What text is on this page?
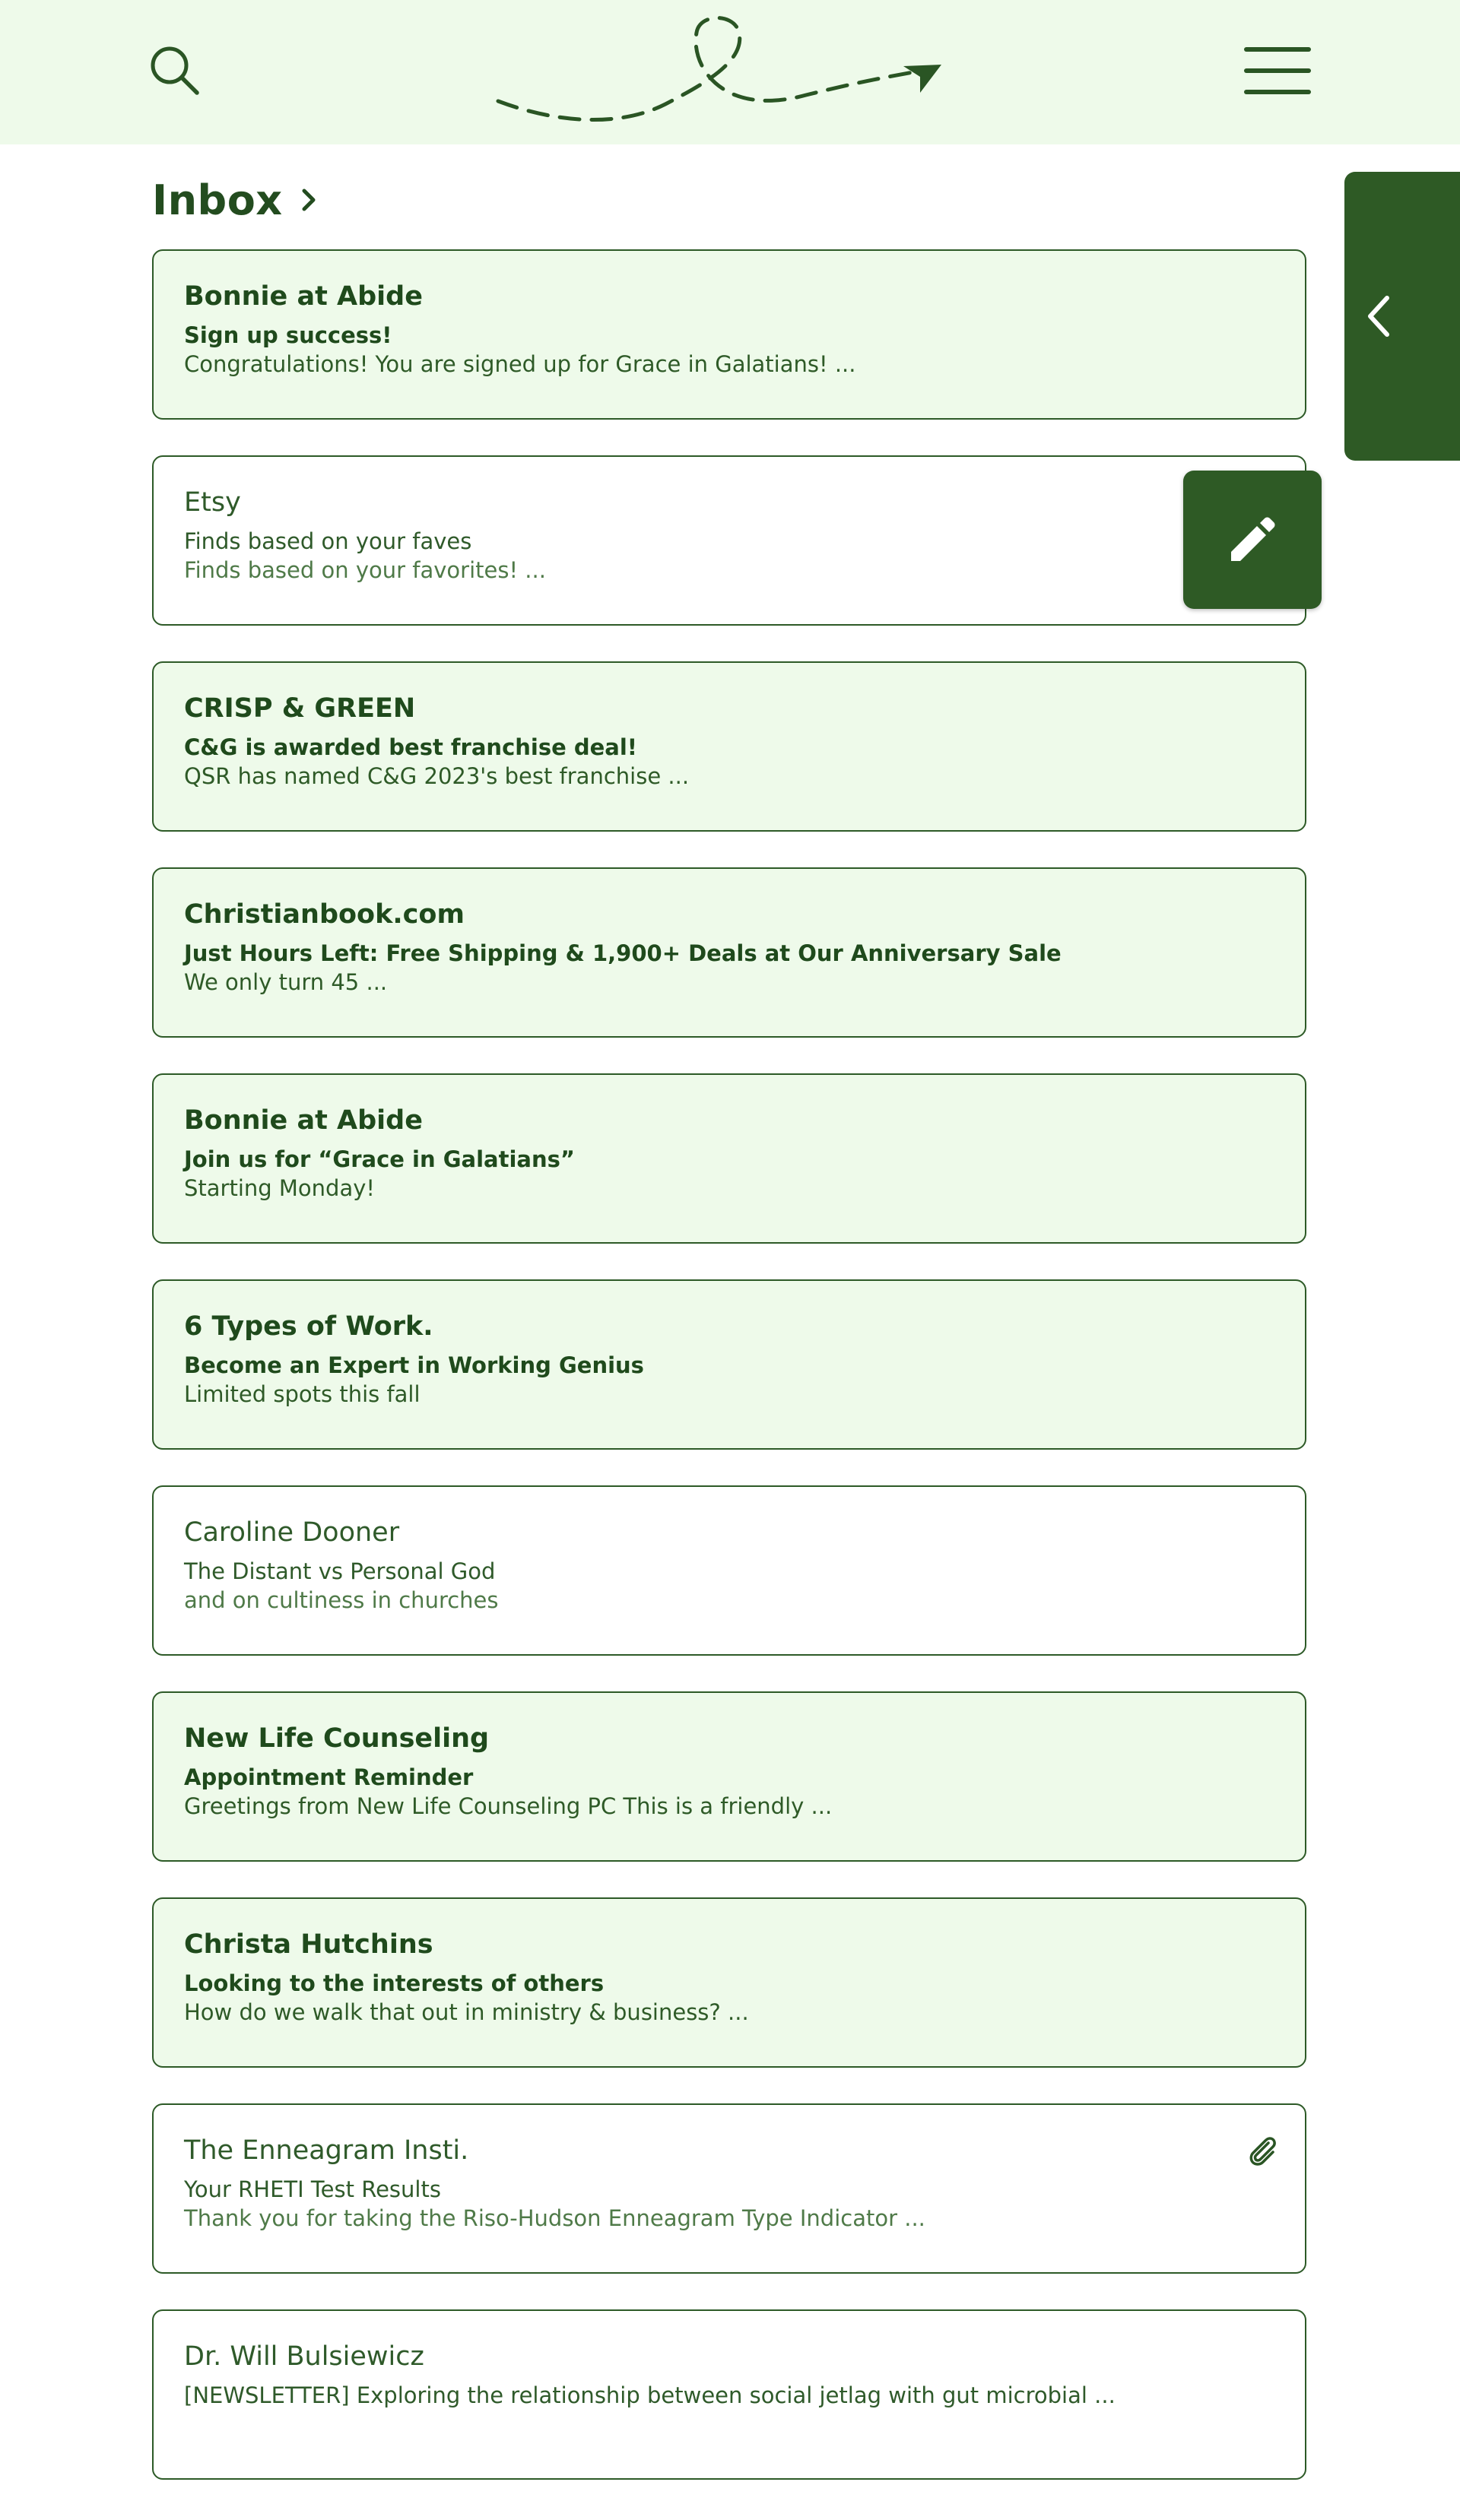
Inbox
Bonnie at Abide
Sign up success!
Congratulations! You are signed up for Grace in Galatians! ...
Etsy
Finds based on your faves
Finds based on your favorites! ...
CRISP & GREEN
C&G is awarded best franchise deal!
QSR has named C&G 2023's best franchise ...
Christianbook.com
Just Hours Left: Free Shipping & 1,900+ Deals at Our Anniversary Sale
We only turn 45 ...
Bonnie at Abide
Join us for “Grace in Galatians”
Starting Monday!
6 Types of Work.
Become an Expert in Working Genius
Limited spots this fall
Caroline Dooner
The Distant vs Personal God
and on cultiness in churches
New Life Counseling
Appointment Reminder
Greetings from New Life Counseling PC This is a friendly ...
Christa Hutchins
Looking to the interests of others
How do we walk that out in ministry & business? ...
The Enneagram Insti.
Your RHETI Test Results
Thank you for taking the Riso-Hudson Enneagram Type Indicator ...
Dr. Will Bulsiewicz
[NEWSLETTER] Exploring the relationship between social jetlag with gut microbial ...
